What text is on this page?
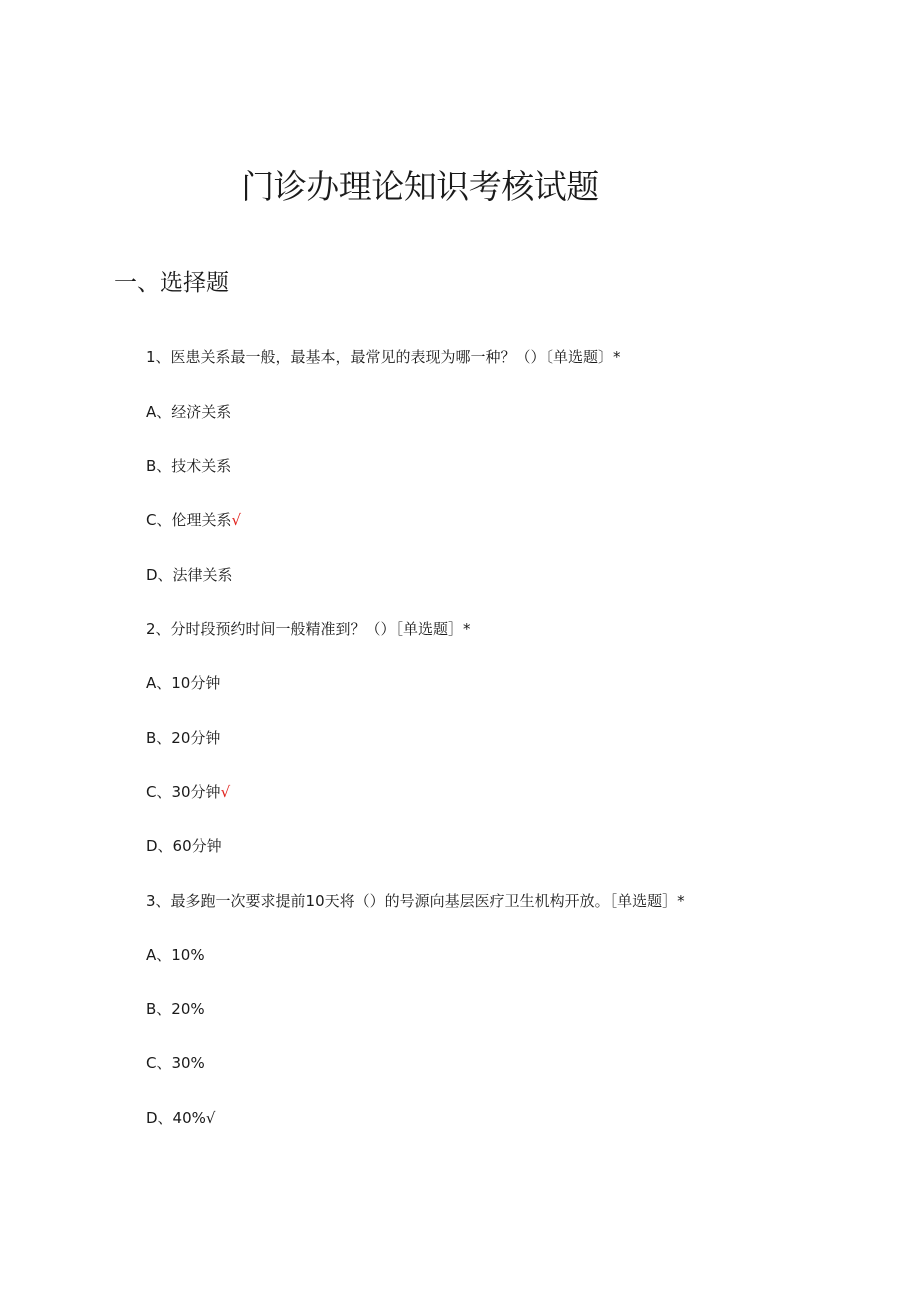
门诊办理论知识考核试题
一、选择题
1、医患关系最一般，最基本，最常见的表现为哪一种？（）〔单选题〕*
A、经济关系
B、技术关系
C、伦理关系√
D、法律关系
2、分时段预约时间一般精准到？（）［单选题］*
A、10分钟
B、20分钟
C、30分钟√
D、60分钟
3、最多跑一次要求提前10天将（）的号源向基层医疗卫生机构开放。［单选题］*
A、10%
B、20%
C、30%
D、40%√
